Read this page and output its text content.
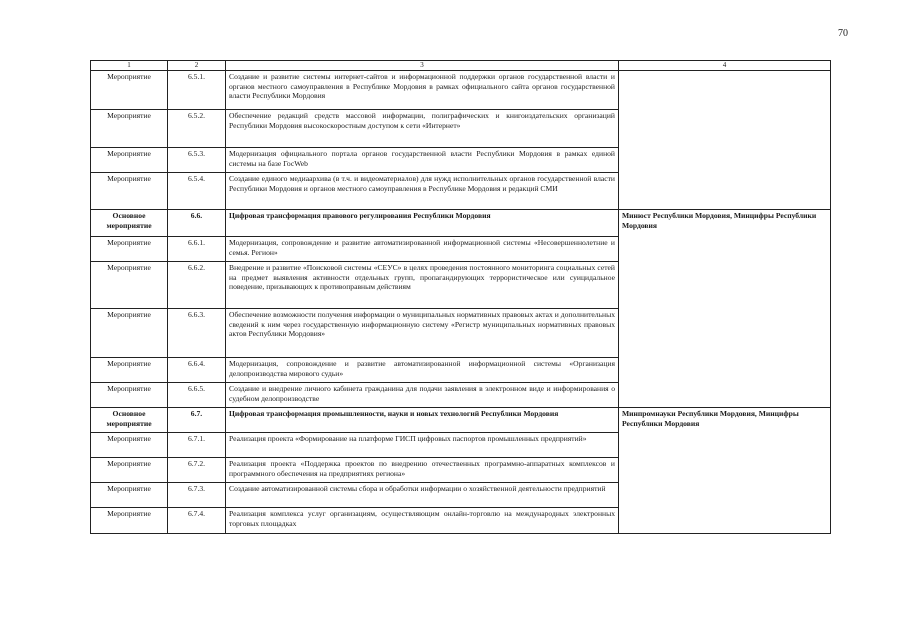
70
1	2	3	4
Мероприятие	6.5.1.	Создание и развитие системы интернет-сайтов и информационной поддержки органов государственной власти и органов местного самоуправления в Республике Мордовия в рамках официального сайта органов государственной власти Республики Мордовия	
Мероприятие	6.5.2.	Обеспечение редакций средств массовой информации, полиграфических и книгоиздательских организаций Республики Мордовия высокоскоростным доступом к сети «Интернет»	
Мероприятие	6.5.3.	Модернизация официального портала органов государственной власти Республики Мордовия в рамках единой системы на базе ГосWeb	
Мероприятие	6.5.4.	Создание единого медиаархива (в т.ч. и видеоматериалов) для нужд исполнительных органов государственной власти Республики Мордовия и органов местного самоуправления в Республике Мордовия и редакций СМИ	
Основное мероприятие	6.6.	Цифровая трансформация правового регулирования Республики Мордовия	Минюст Республики Мордовия, Минцифры Республики Мордовия
Мероприятие	6.6.1.	Модернизация, сопровождение и развитие автоматизированной информационной системы «Несовершеннолетние и семья. Регион»	
Мероприятие	6.6.2.	Внедрение и развитие «Поисковой системы «СЕУС» в целях проведения постоянного мониторинга социальных сетей на предмет выявления активности отдельных групп, пропагандирующих террористическое или суицидальное поведение, призывающих к противоправным действиям	
Мероприятие	6.6.3.	Обеспечение возможности получения информации о муниципальных нормативных правовых актах и дополнительных сведений к ним через государственную информационную систему «Регистр муниципальных нормативных правовых актов Республики Мордовия»	
Мероприятие	6.6.4.	Модернизация, сопровождение и развитие автоматизированной информационной системы «Организация делопроизводства мирового судьи»	
Мероприятие	6.6.5.	Создание и внедрение личного кабинета гражданина для подачи заявления в электронном виде и информирования о судебном делопроизводстве	
Основное мероприятие	6.7.	Цифровая трансформация промышленности, науки и новых технологий Республики Мордовия	Минпромнауки Республики Мордовия, Минцифры Республики Мордовия
Мероприятие	6.7.1.	Реализация проекта «Формирование на платформе ГИСП цифровых паспортов промышленных предприятий»	
Мероприятие	6.7.2.	Реализация проекта «Поддержка проектов по внедрению отечественных программно-аппаратных комплексов и программного обеспечения на предприятиях региона»	
Мероприятие	6.7.3.	Создание автоматизированной системы сбора и обработки информации о хозяйственной деятельности предприятий	
Мероприятие	6.7.4.	Реализация комплекса услуг организациям, осуществляющим онлайн-торговлю на международных электронных торговых площадках	
